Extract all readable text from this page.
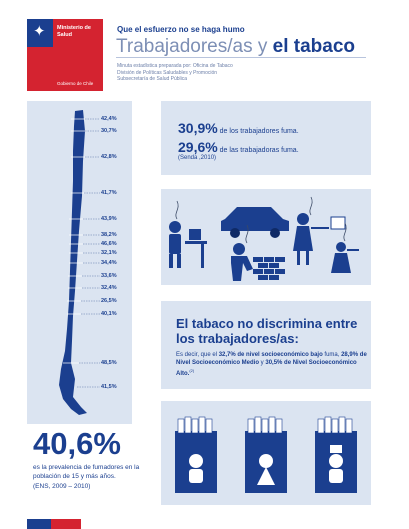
✦ Ministerio de Salud
Gobierno de Chile
Que el esfuerzo no se haga humo
Trabajadores/as y el tabaco
Minuta estadística preparada por: Oficina de Tabaco
División de Políticas Saludables y Promoción
Subsecretaría de Salud Pública
42,4%
30,7%
42,8%
41,7%
43,9%
38,2%
46,6%
32,1%
34,4%
33,6%
32,4%
26,5%
40,1%
48,5%
41,5%
40,6%
es la prevalencia de fumadores en la población de 15 y más años.
(ENS, 2009 – 2010)
30,9% de los trabajadores fuma.
29,6% de las trabajadoras fuma.
(Senda ,2010)
El tabaco no discrimina entre los trabajadores/as:
Es decir, que el 32,7% de nivel socioeconómico bajo fuma, 28,9% de Nivel Socioeconómico Medio y 30,5% de Nivel Socioeconómico Alto.$^{(2)}$
